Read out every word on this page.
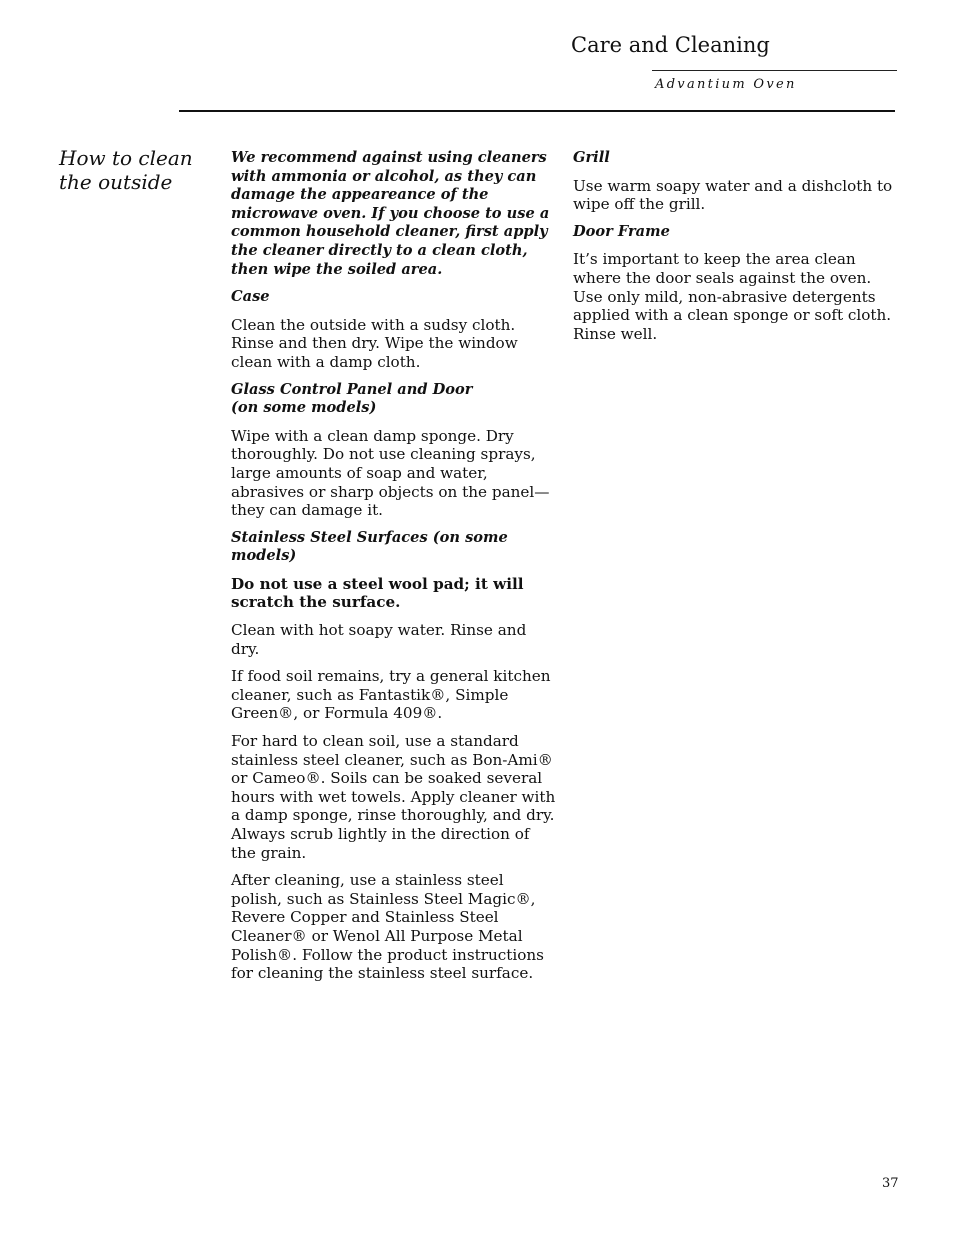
Care and Cleaning
Advantium Oven
How to clean
the outside

We recommend against using cleaners with ammonia or alcohol, as they can damage the appeareance of the microwave oven. If you choose to use a common household cleaner, first apply the cleaner directly to a clean cloth, then wipe the soiled area.

Case

Clean the outside with a sudsy cloth. Rinse and then dry. Wipe the window clean with a damp cloth.

Glass Control Panel and Door
(on some models)

Wipe with a clean damp sponge. Dry thoroughly. Do not use cleaning sprays, large amounts of soap and water, abrasives or sharp objects on the panel—they can damage it.

Stainless Steel Surfaces (on some models)

Do not use a steel wool pad; it will scratch the surface.

Clean with hot soapy water. Rinse and dry.

If food soil remains, try a general kitchen cleaner, such as Fantastik®, Simple Green®, or Formula 409®.

For hard to clean soil, use a standard stainless steel cleaner, such as Bon-Ami® or Cameo®. Soils can be soaked several hours with wet towels. Apply cleaner with a damp sponge, rinse thoroughly, and dry. Always scrub lightly in the direction of the grain.

After cleaning, use a stainless steel polish, such as Stainless Steel Magic®, Revere Copper and Stainless Steel Cleaner® or Wenol All Purpose Metal Polish®. Follow the product instructions for cleaning the stainless steel surface.

Grill

Use warm soapy water and a dishcloth to wipe off the grill.

Door Frame

It’s important to keep the area clean where the door seals against the oven. Use only mild, non-abrasive detergents applied with a clean sponge or soft cloth. Rinse well.

37
